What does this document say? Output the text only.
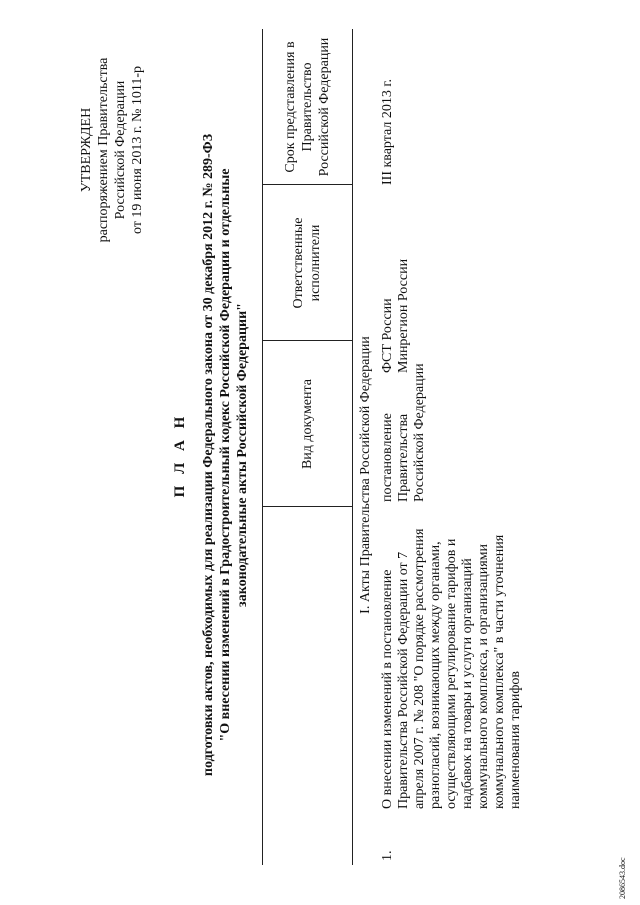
УТВЕРЖДЕН распоряжением Правительства Российской Федерации от 19 июня 2013 г. № 1011-р
П Л А Н подготовки актов, необходимых для реализации Федерального закона от 30 декабря 2012 г. № 289-ФЗ "О внесении изменений в Градостроительный кодекс Российской Федерации и отдельные законодательные акты Российской Федерации"	Вид документа
Ответственные исполнители
Срок представления в Правительство Российской Федерации
I. Акты Правительства Российской Федерации
1.
О внесении изменений в постановление Правительства Российской Федерации от 7 апреля 2007 г. № 208 "О порядке рассмотрения разногласий, возникающих между органами, осуществляющими регулирование тарифов и надбавок на товары и услуги организаций коммунального комплекса, и организациями коммунального комплекса" в части уточнения наименования тарифов
постановление Правительства Российской Федерации
ФСТ России Минрегион России
III квартал 2013 г.
2086543.doc
